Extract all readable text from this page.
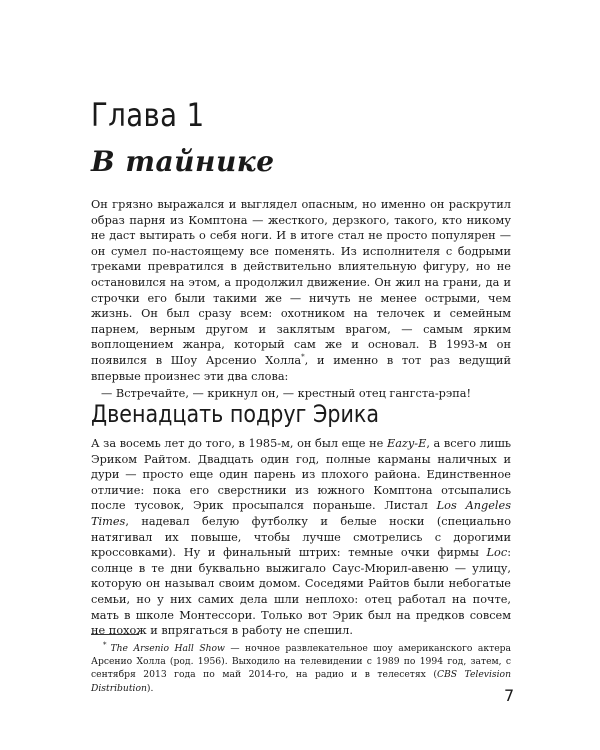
Глава 1
В тайнике

Он грязно выражался и выглядел опасным, но именно он раскрутил образ парня из Комптона — жесткого, дерзкого, такого, кто никому не даст вытирать о себя ноги. И в итоге стал не просто популярен — он сумел по-настоящему все поменять. Из исполнителя с бодрыми треками превратился в действительно влиятельную фигуру, но не остановился на этом, а продолжил движение. Он жил на грани, да и строчки его были такими же — ничуть не менее острыми, чем жизнь. Он был сразу всем: охотником на телочек и семейным парнем, верным другом и заклятым врагом, — самым ярким воплощением жанра, который сам же и основал. В 1993-м он появился в Шоу Арсенио Холла*, и именно в тот раз ведущий впервые произнес эти два слова:

— Встречайте, — крикнул он, — крестный отец гангста-рэпа!

Двенадцать подруг Эрика

А за восемь лет до того, в 1985-м, он был еще не Eazy-E, а всего лишь Эриком Райтом. Двадцать один год, полные карманы наличных и дури — просто еще один парень из плохого района. Единственное отличие: пока его сверстники из южного Комптона отсыпались после тусовок, Эрик просыпался пораньше. Листал Los Angeles Times, надевал белую футболку и белые носки (специально натягивал их повыше, чтобы лучше смотрелись с дорогими кроссовками). Ну и финальный штрих: темные очки фирмы Loc: солнце в те дни буквально выжигало Саус-Мюрил-авеню — улицу, которую он называл своим домом. Соседями Райтов были небогатые семьи, но у них самих дела шли неплохо: отец работал на почте, мать в школе Монтессори. Только вот Эрик был на предков совсем не похож и впрягаться в работу не спешил.

* The Arsenio Hall Show — ночное развлекательное шоу американского актера Арсенио Холла (род. 1956). Выходило на телевидении с 1989 по 1994 год, затем, с сентября 2013 года по май 2014-го, на радио и в телесетях (CBS Television Distribution).	7
